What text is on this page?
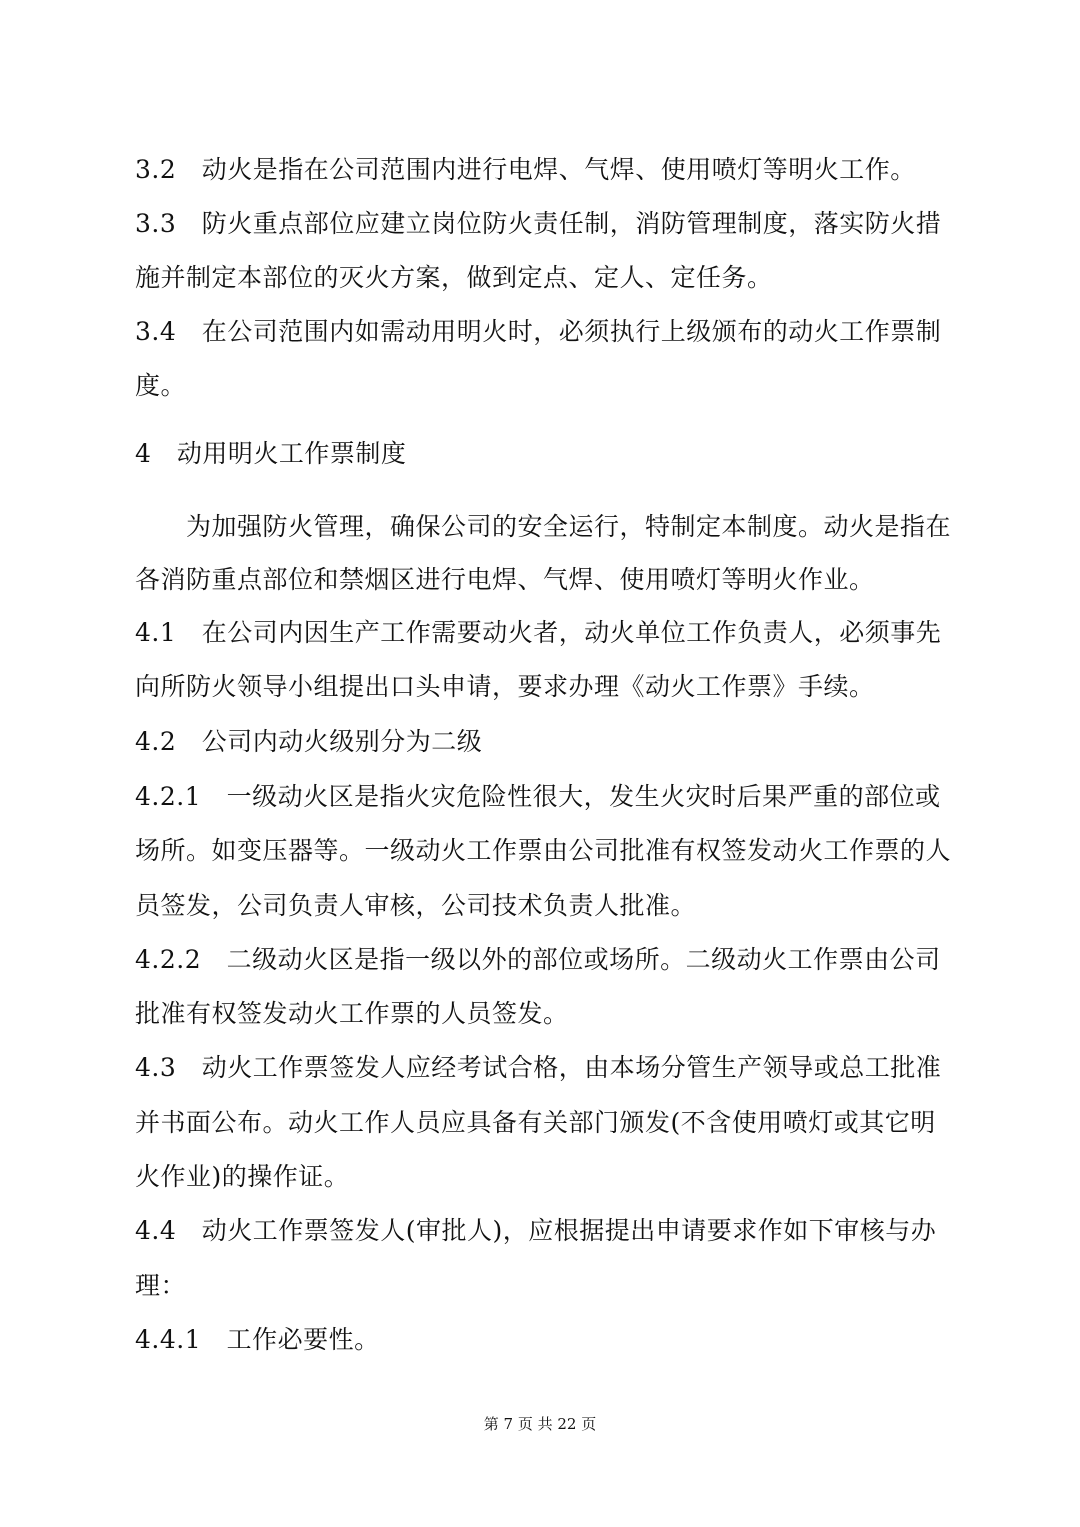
3.2　动火是指在公司范围内进行电焊、气焊、使用喷灯等明火工作。
3.3　防火重点部位应建立岗位防火责任制，消防管理制度，落实防火措
施并制定本部位的灭火方案，做到定点、定人、定任务。
3.4　在公司范围内如需动用明火时，必须执行上级颁布的动火工作票制
度。
4　动用明火工作票制度
为加强防火管理，确保公司的安全运行，特制定本制度。动火是指在
各消防重点部位和禁烟区进行电焊、气焊、使用喷灯等明火作业。
4.1　在公司内因生产工作需要动火者，动火单位工作负责人，必须事先
向所防火领导小组提出口头申请，要求办理《动火工作票》手续。
4.2　公司内动火级别分为二级
4.2.1　一级动火区是指火灾危险性很大，发生火灾时后果严重的部位或
场所。如变压器等。一级动火工作票由公司批准有权签发动火工作票的人
员签发，公司负责人审核，公司技术负责人批准。
4.2.2　二级动火区是指一级以外的部位或场所。二级动火工作票由公司
批准有权签发动火工作票的人员签发。
4.3　动火工作票签发人应经考试合格，由本场分管生产领导或总工批准
并书面公布。动火工作人员应具备有关部门颁发(不含使用喷灯或其它明
火作业)的操作证。
4.4　动火工作票签发人(审批人)，应根据提出申请要求作如下审核与办
理：
4.4.1　工作必要性。
第 7 页 共 22 页
